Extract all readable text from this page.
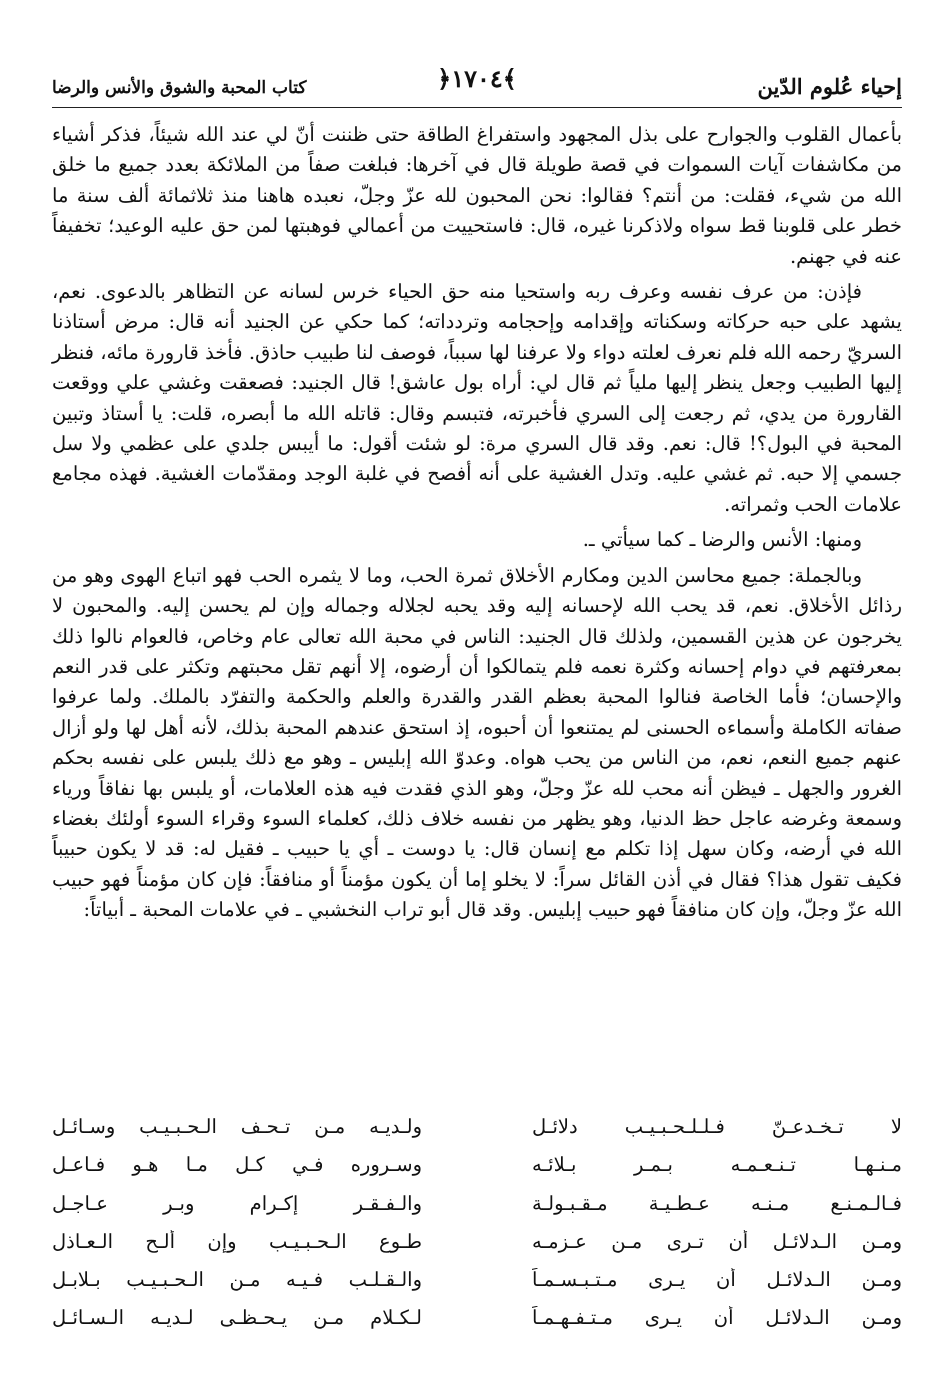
إحياء عُلوم الدّين
﴿١٧٠٤﴾
كتاب المحبة والشوق والأنس والرضا

بأعمال القلوب والجوارح على بذل المجهود واستفراغ الطاقة حتى ظننت أنّ لي عند الله شيئاً، فذكر أشياء من مكاشفات آيات السموات في قصة طويلة قال في آخرها: فبلغت صفاً من الملائكة بعدد جميع ما خلق الله من شيء، فقلت: من أنتم؟ فقالوا: نحن المحبون لله عزّ وجلّ، نعبده هاهنا منذ ثلاثمائة ألف سنة ما خطر على قلوبنا قط سواه ولاذكرنا غيره، قال: فاستحييت من أعمالي فوهبتها لمن حق عليه الوعيد؛ تخفيفاً عنه في جهنم.

فإذن: من عرف نفسه وعرف ربه واستحيا منه حق الحياء خرس لسانه عن التظاهر بالدعوى. نعم، يشهد على حبه حركاته وسكناته وإقدامه وإحجامه وتردداته؛ كما حكي عن الجنيد أنه قال: مرض أستاذنا السريّ رحمه الله فلم نعرف لعلته دواء ولا عرفنا لها سبباً، فوصف لنا طبيب حاذق. فأخذ قارورة مائه، فنظر إليها الطبيب وجعل ينظر إليها ملياً ثم قال لي: أراه بول عاشق! قال الجنيد: فصعقت وغشي علي ووقعت القارورة من يدي، ثم رجعت إلى السري فأخبرته، فتبسم وقال: قاتله الله ما أبصره، قلت: يا أستاذ وتبين المحبة في البول؟! قال: نعم. وقد قال السري مرة: لو شئت أقول: ما أيبس جلدي على عظمي ولا سل جسمي إلا حبه. ثم غشي عليه. وتدل الغشية على أنه أفصح في غلبة الوجد ومقدّمات الغشية. فهذه مجامع علامات الحب وثمراته.

ومنها: الأنس والرضا ـ كما سيأتي ـ.

وبالجملة: جميع محاسن الدين ومكارم الأخلاق ثمرة الحب، وما لا يثمره الحب فهو اتباع الهوى وهو من رذائل الأخلاق. نعم، قد يحب الله لإحسانه إليه وقد يحبه لجلاله وجماله وإن لم يحسن إليه. والمحبون لا يخرجون عن هذين القسمين، ولذلك قال الجنيد: الناس في محبة الله تعالى عام وخاص، فالعوام نالوا ذلك بمعرفتهم في دوام إحسانه وكثرة نعمه فلم يتمالكوا أن أرضوه، إلا أنهم تقل محبتهم وتكثر على قدر النعم والإحسان؛ فأما الخاصة فنالوا المحبة بعظم القدر والقدرة والعلم والحكمة والتفرّد بالملك. ولما عرفوا صفاته الكاملة وأسماءه الحسنى لم يمتنعوا أن أحبوه، إذ استحق عندهم المحبة بذلك، لأنه أهل لها ولو أزال عنهم جميع النعم، نعم، من الناس من يحب هواه. وعدوّ الله إبليس ـ وهو مع ذلك يلبس على نفسه بحكم الغرور والجهل ـ فيظن أنه محب لله عزّ وجلّ، وهو الذي فقدت فيه هذه العلامات، أو يلبس بها نفاقاً ورياء وسمعة وغرضه عاجل حظ الدنيا، وهو يظهر من نفسه خلاف ذلك، كعلماء السوء وقراء السوء أولئك بغضاء الله في أرضه، وكان سهل إذا تكلم مع إنسان قال: يا دوست ـ أي يا حبيب ـ فقيل له: قد لا يكون حبيباً فكيف تقول هذا؟ فقال في أذن القائل سراً: لا يخلو إما أن يكون مؤمناً أو منافقاً: فإن كان مؤمناً فهو حبيب الله عزّ وجلّ، وإن كان منافقاً فهو حبيب إبليس. وقد قال أبو تراب النخشبي ـ في علامات المحبة ـ أبياتاً:

لا تـخـدعـنّ فـلـلـحـبـيـب دلائـل
ولـديـه مـن تـحـف الـحـبـيـب وسـائـل
مـنـهـا تـنـعـمـه بـمـر بـلائـه
وسـروره فـي كـل مـا هـو فـاعـل
فـالـمـنـع مـنـه عـطـيـة مـقـبـولـة
والـفـقـر إكـرام وبـر عـاجـل
ومـن الـدلائـل أن تـرى مـن عـزمـه
طـوع الـحـبـيـب وإن ألـح الـعـاذل
ومـن الـدلائـل أن يـرى مـتـبـسـمـاً
والـقـلـب فـيـه مـن الـحـبـيـب بـلابـل
ومـن الـدلائـل أن يـرى مـتـفـهـمـاً
لـكـلام مـن يـحـظـى لـديـه الـسـائـل
